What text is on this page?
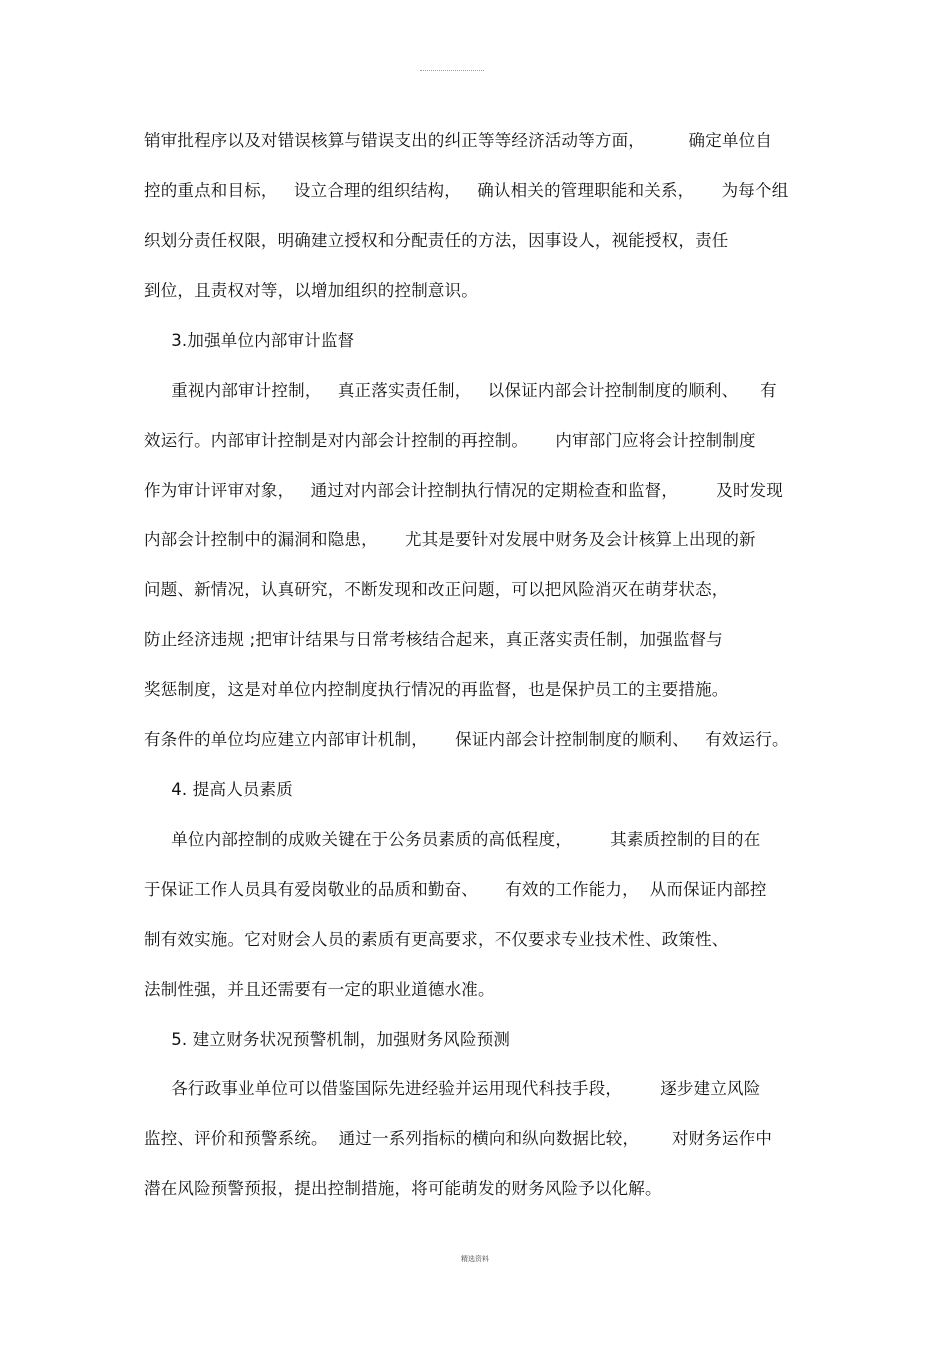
销审批程序以及对错误核算与错误支出的纠正等等经济活动等方面，        确定单位自
控的重点和目标，   设立合理的组织结构，   确认相关的管理职能和关系，     为每个组
织划分责任权限，明确建立授权和分配责任的方法，因事设人，视能授权，责任
到位，且责权对等，以增加组织的控制意识。
3.加强单位内部审计监督
重视内部审计控制，   真正落实责任制，   以保证内部会计控制制度的顺利、    有
效运行。内部审计控制是对内部会计控制的再控制。     内审部门应将会计控制制度
作为审计评审对象，   通过对内部会计控制执行情况的定期检查和监督，       及时发现
内部会计控制中的漏洞和隐患，     尤其是要针对发展中财务及会计核算上出现的新
问题、新情况，认真研究，不断发现和改正问题，可以把风险消灭在萌芽状态，
防止经济违规 ;把审计结果与日常考核结合起来，真正落实责任制，加强监督与
奖惩制度，这是对单位内控制度执行情况的再监督，也是保护员工的主要措施。
有条件的单位均应建立内部审计机制，     保证内部会计控制制度的顺利、   有效运行。
4. 提高人员素质
单位内部控制的成败关键在于公务员素质的高低程度，       其素质控制的目的在
于保证工作人员具有爱岗敬业的品质和勤奋、     有效的工作能力，  从而保证内部控
制有效实施。它对财会人员的素质有更高要求，不仅要求专业技术性、政策性、
法制性强，并且还需要有一定的职业道德水准。
5. 建立财务状况预警机制，加强财务风险预测
各行政事业单位可以借鉴国际先进经验并运用现代科技手段，       逐步建立风险
监控、评价和预警系统。  通过一系列指标的横向和纵向数据比较，      对财务运作中
潜在风险预警预报，提出控制措施，将可能萌发的财务风险予以化解。
精选资料
